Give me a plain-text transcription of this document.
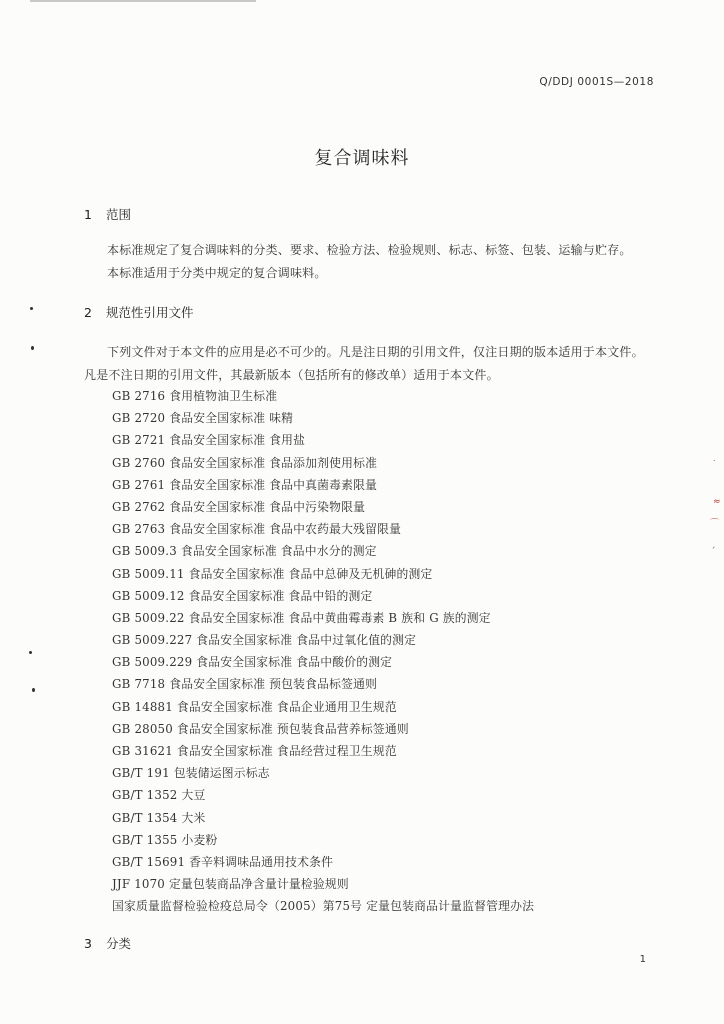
Q/DDJ 0001S—2018
复合调味料
1 范围
本标准规定了复合调味料的分类、要求、检验方法、检验规则、标志、标签、包装、运输与贮存。
本标准适用于分类中规定的复合调味料。
2 规范性引用文件
下列文件对于本文件的应用是必不可少的。凡是注日期的引用文件，仅注日期的版本适用于本文件。
凡是不注日期的引用文件，其最新版本（包括所有的修改单）适用于本文件。
GB 2716 食用植物油卫生标准
GB 2720 食品安全国家标准 味精
GB 2721 食品安全国家标准 食用盐
GB 2760 食品安全国家标准 食品添加剂使用标准
GB 2761 食品安全国家标准 食品中真菌毒素限量
GB 2762 食品安全国家标准 食品中污染物限量
GB 2763 食品安全国家标准 食品中农药最大残留限量
GB 5009.3 食品安全国家标准 食品中水分的测定
GB 5009.11 食品安全国家标准 食品中总砷及无机砷的测定
GB 5009.12 食品安全国家标准 食品中铅的测定
GB 5009.22 食品安全国家标准 食品中黄曲霉毒素 B 族和 G 族的测定
GB 5009.227 食品安全国家标准 食品中过氧化值的测定
GB 5009.229 食品安全国家标准 食品中酸价的测定
GB 7718 食品安全国家标准 预包装食品标签通则
GB 14881 食品安全国家标准 食品企业通用卫生规范
GB 28050 食品安全国家标准 预包装食品营养标签通则
GB 31621 食品安全国家标准 食品经营过程卫生规范
GB/T 191 包装储运图示标志
GB/T 1352 大豆
GB/T 1354 大米
GB/T 1355 小麦粉
GB/T 15691 香辛料调味品通用技术条件
JJF 1070 定量包装商品净含量计量检验规则
国家质量监督检验检疫总局令（2005）第75号 定量包装商品计量监督管理办法
3 分类
1
˙
≈
⌒
´
